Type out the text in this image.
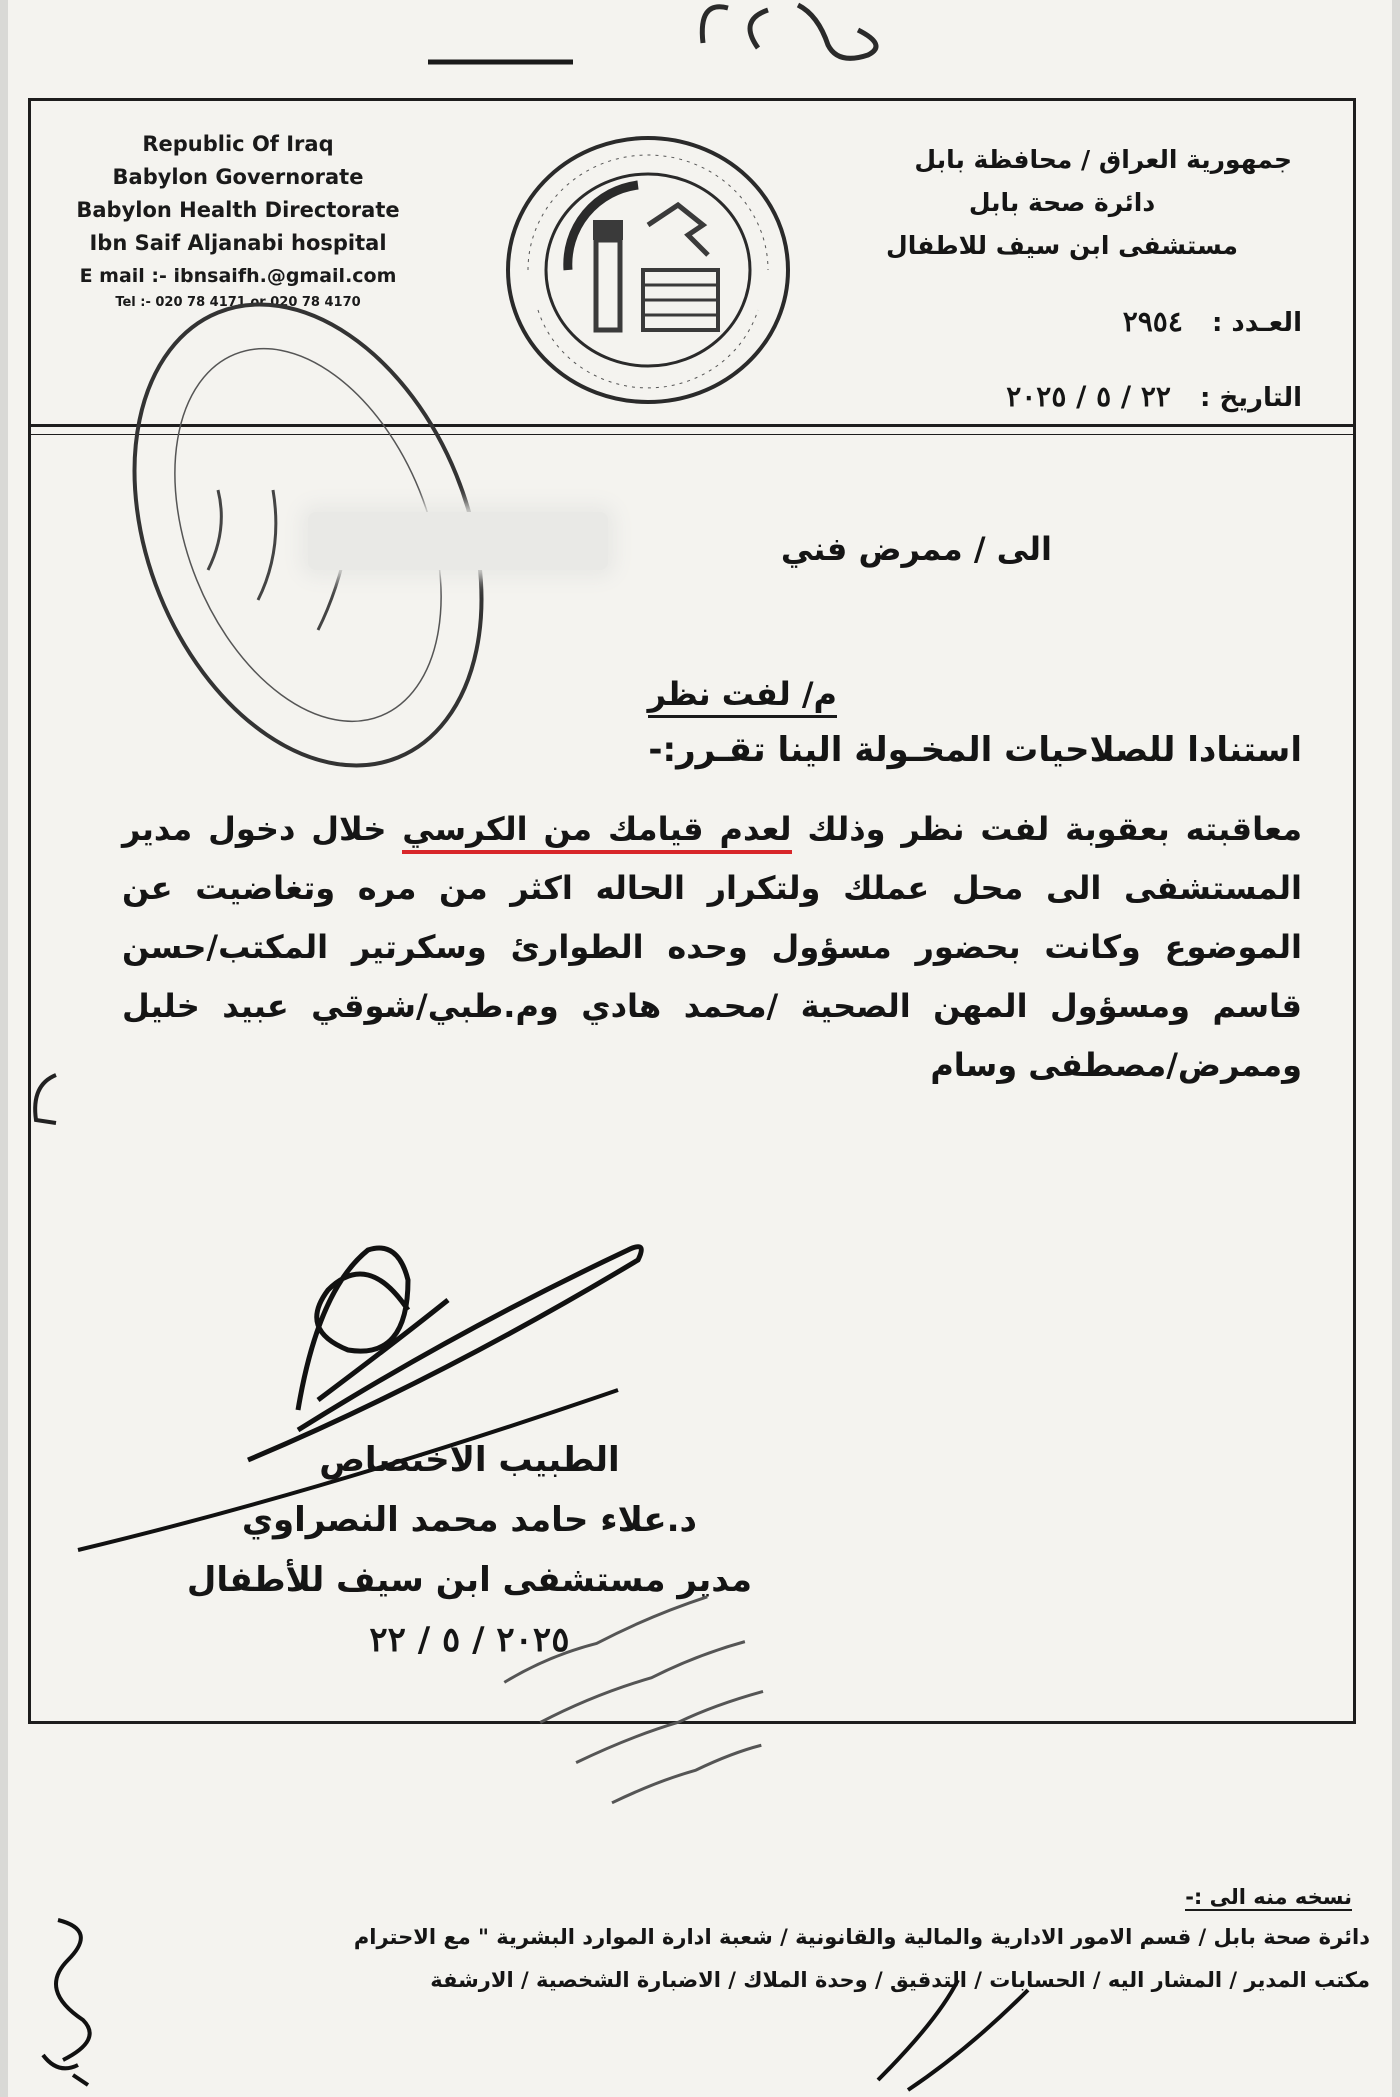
Republic Of Iraq
Babylon Governorate
Babylon Health Directorate
Ibn Saif Aljanabi hospital
E mail :- ibnsaifh.@gmail.com
Tel :- 020 78 4171 or 020 78 4170
جمهورية العراق / محافظة بابل
دائرة صحة بابل
مستشفى ابن سيف للاطفال
العـدد : ٢٩٥٤
التاريخ : ٢٢ / ٥ / ٢٠٢٥
الى / ممرض فني
م/ لفت نظر
استنادا للصلاحيات المخـولة الينا تقـرر:-
معاقبته بعقوبة لفت نظر وذلك لعدم قيامك من الكرسي خلال دخول مدير المستشفى الى محل عملك ولتكرار الحاله اكثر من مره وتغاضيت عن الموضوع وكانت بحضور مسؤول وحده الطوارئ وسكرتير المكتب/حسن قاسم ومسؤول المهن الصحية /محمد هادي وم.طبي/شوقي عبيد خليل وممرض/مصطفى وسام
الطبيب الاختصاص
د.علاء حامد محمد النصراوي
مدير مستشفى ابن سيف للأطفال
٢٠٢٥ / ٥ / ٢٢
نسخه منه الى :-
دائرة صحة بابل / قسم الامور الادارية والمالية والقانونية / شعبة ادارة الموارد البشرية " مع الاحترام
مكتب المدير / المشار اليه / الحسابات / التدقيق / وحدة الملاك / الاضبارة الشخصية / الارشفة
